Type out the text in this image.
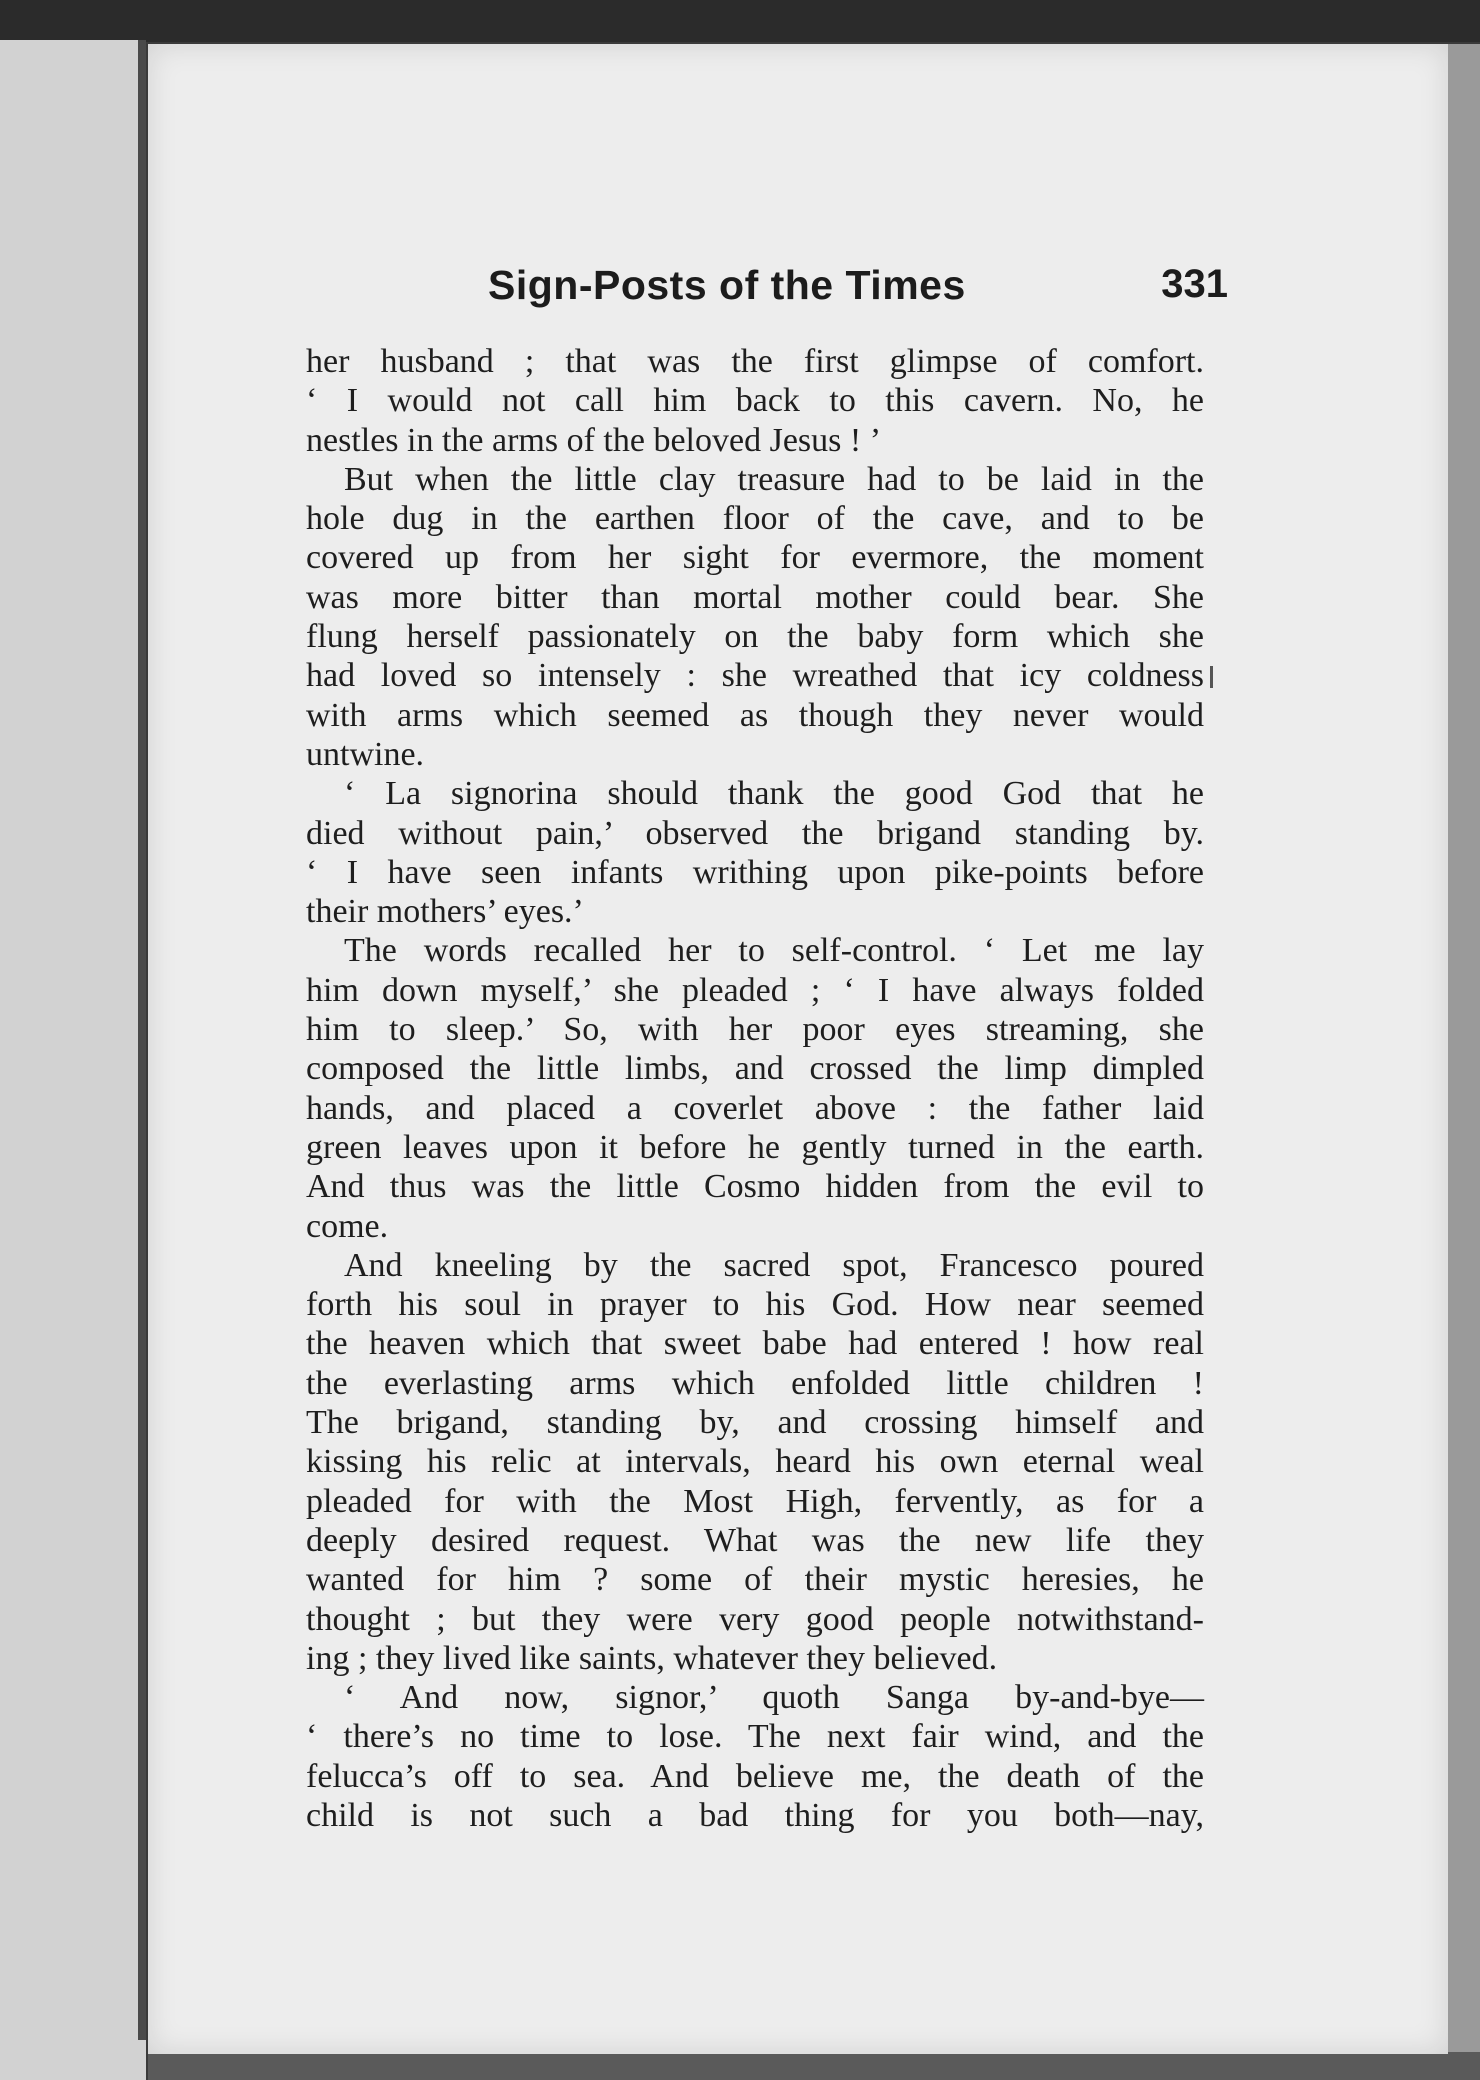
Sign-Posts of the Times	331
her husband ; that was the first glimpse of comfort.
‘ I would not call him back to this cavern. No, he
nestles in the arms of the beloved Jesus ! ’
But when the little clay treasure had to be laid in the
hole dug in the earthen floor of the cave, and to be
covered up from her sight for evermore, the moment
was more bitter than mortal mother could bear. She
flung herself passionately on the baby form which she
had loved so intensely : she wreathed that icy coldness
with arms which seemed as though they never would
untwine.
‘ La signorina should thank the good God that he
died without pain,’ observed the brigand standing by.
‘ I have seen infants writhing upon pike-points before
their mothers’ eyes.’
The words recalled her to self-control. ‘ Let me lay
him down myself,’ she pleaded ; ‘ I have always folded
him to sleep.’ So, with her poor eyes streaming, she
composed the little limbs, and crossed the limp dimpled
hands, and placed a coverlet above : the father laid
green leaves upon it before he gently turned in the earth.
And thus was the little Cosmo hidden from the evil to
come.
And kneeling by the sacred spot, Francesco poured
forth his soul in prayer to his God. How near seemed
the heaven which that sweet babe had entered ! how real
the everlasting arms which enfolded little children !
The brigand, standing by, and crossing himself and
kissing his relic at intervals, heard his own eternal weal
pleaded for with the Most High, fervently, as for a
deeply desired request. What was the new life they
wanted for him ? some of their mystic heresies, he
thought ; but they were very good people notwithstand-
ing ; they lived like saints, whatever they believed.
‘ And now, signor,’ quoth Sanga by-and-bye—
‘ there’s no time to lose. The next fair wind, and the
felucca’s off to sea. And believe me, the death of the
child is not such a bad thing for you both—nay,
